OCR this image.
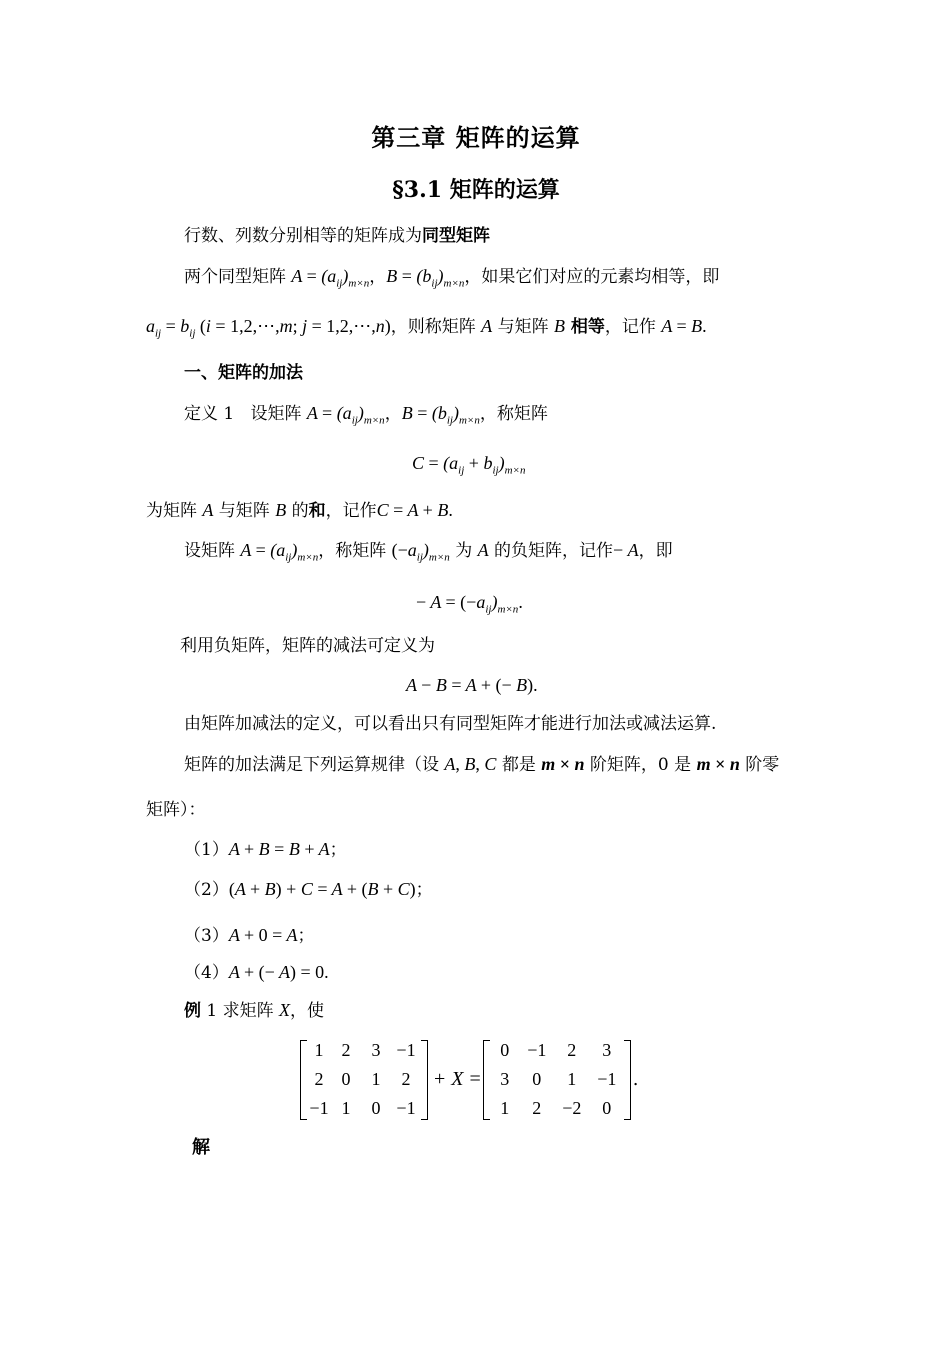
第三章 矩阵的运算
§3.1 矩阵的运算
行数、列数分别相等的矩阵成为同型矩阵
两个同型矩阵 $A = (a_{ij})_{m\times n}$，$B = (b_{ij})_{m\times n}$，如果它们对应的元素均相等，即
$a_{ij} = b_{ij}$ (i = 1,2,⋯,m; j = 1,2,⋯,n)，则称矩阵 A 与矩阵 B 相等，记作 A = B.
一、矩阵的加法
定义 1 设矩阵 $A = (a_{ij})_{m\times n}$，$B = (b_{ij})_{m\times n}$，称矩阵
$C = (a_{ij} + b_{ij})_{m\times n}$
为矩阵 A 与矩阵 B 的和，记作C = A + B.
设矩阵 $A = (a_{ij})_{m\times n}$，称矩阵 $(-a_{ij})_{m\times n}$ 为 A 的负矩阵，记作− A，即
− $A = (-a_{ij})_{m\times n}$.
利用负矩阵，矩阵的减法可定义为
A − B = A + (− B).
由矩阵加减法的定义，可以看出只有同型矩阵才能进行加法或减法运算.
矩阵的加法满足下列运算规律（设 A, B, C 都是 m × n 阶矩阵，0 是 m × n 阶零
矩阵）：
（1）A + B = B + A；
（2）(A + B) + C = A + (B + C)；
（3）A + 0 = A；
（4）A + (− A) = 0.
例 1 求矩阵 X，使
1	2	3 −1
2	0	1	2
−1 1	0 −1
+ X =
0 −1	2	3
3	0	1	−1
1	2	−2	0
.
解
